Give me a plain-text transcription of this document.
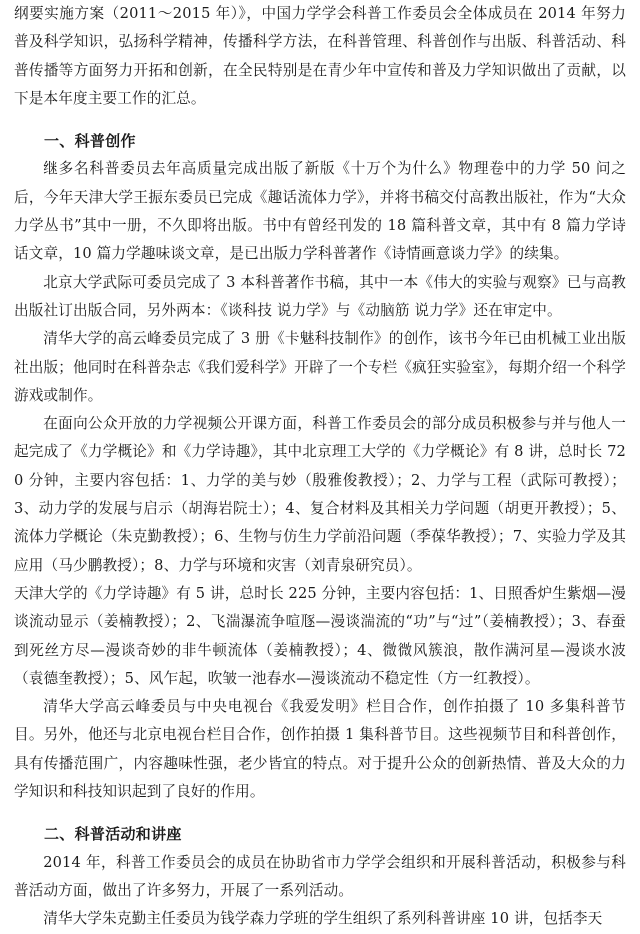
纲要实施方案（2011～2015 年）》，中国力学学会科普工作委员会全体成员在 2014 年努力普及科学知识，弘扬科学精神，传播科学方法，在科普管理、科普创作与出版、科普活动、科普传播等方面努力开拓和创新，在全民特别是在青少年中宣传和普及力学知识做出了贡献，以下是本年度主要工作的汇总。

一、科普创作

继多名科普委员去年高质量完成出版了新版《十万个为什么》物理卷中的力学 50 问之后，今年天津大学王振东委员已完成《趣话流体力学》，并将书稿交付高教出版社，作为“大众力学丛书”其中一册，不久即将出版。书中有曾经刊发的 18 篇科普文章，其中有 8 篇力学诗话文章，10 篇力学趣味谈文章，是已出版力学科普著作《诗情画意谈力学》的续集。

北京大学武际可委员完成了 3 本科普著作书稿，其中一本《伟大的实验与观察》已与高教出版社订出版合同，另外两本：《谈科技 说力学》与《动脑筋 说力学》还在审定中。

清华大学的高云峰委员完成了 3 册《卡魅科技制作》的创作，该书今年已由机械工业出版社出版；他同时在科普杂志《我们爱科学》开辟了一个专栏《疯狂实验室》，每期介绍一个科学游戏或制作。

在面向公众开放的力学视频公开课方面，科普工作委员会的部分成员积极参与并与他人一起完成了《力学概论》和《力学诗趣》，其中北京理工大学的《力学概论》有 8 讲，总时长 720 分钟，主要内容包括：1、力学的美与妙（殷雅俊教授）；2、力学与工程（武际可教授）；3、动力学的发展与启示（胡海岩院士）；4、复合材料及其相关力学问题（胡更开教授）；5、流体力学概论（朱克勤教授）；6、生物与仿生力学前沿问题（季葆华教授）；7、实验力学及其应用（马少鹏教授）；8、力学与环境和灾害（刘青泉研究员）。

天津大学的《力学诗趣》有 5 讲，总时长 225 分钟，主要内容包括：1、日照香炉生紫烟—漫谈流动显示（姜楠教授）；2、飞湍瀑流争喧豗—漫谈湍流的“功”与“过”（姜楠教授）；3、春蚕到死丝方尽—漫谈奇妙的非牛顿流体（姜楠教授）；4、微微风簇浪，散作满河星—漫谈水波（袁德奎教授）；5、风乍起，吹皱一池春水—漫谈流动不稳定性（方一红教授）。

清华大学高云峰委员与中央电视台《我爱发明》栏目合作，创作拍摄了 10 多集科普节目。另外，他还与北京电视台栏目合作，创作拍摄 1 集科普节目。这些视频节目和科普创作，具有传播范围广，内容趣味性强，老少皆宜的特点。对于提升公众的创新热情、普及大众的力学知识和科技知识起到了良好的作用。

二、科普活动和讲座

2014 年，科普工作委员会的成员在协助省市力学学会组织和开展科普活动，积极参与科普活动方面，做出了许多努力，开展了一系列活动。

清华大学朱克勤主任委员为钱学森力学班的学生组织了系列科普讲座 10 讲，包括李天
